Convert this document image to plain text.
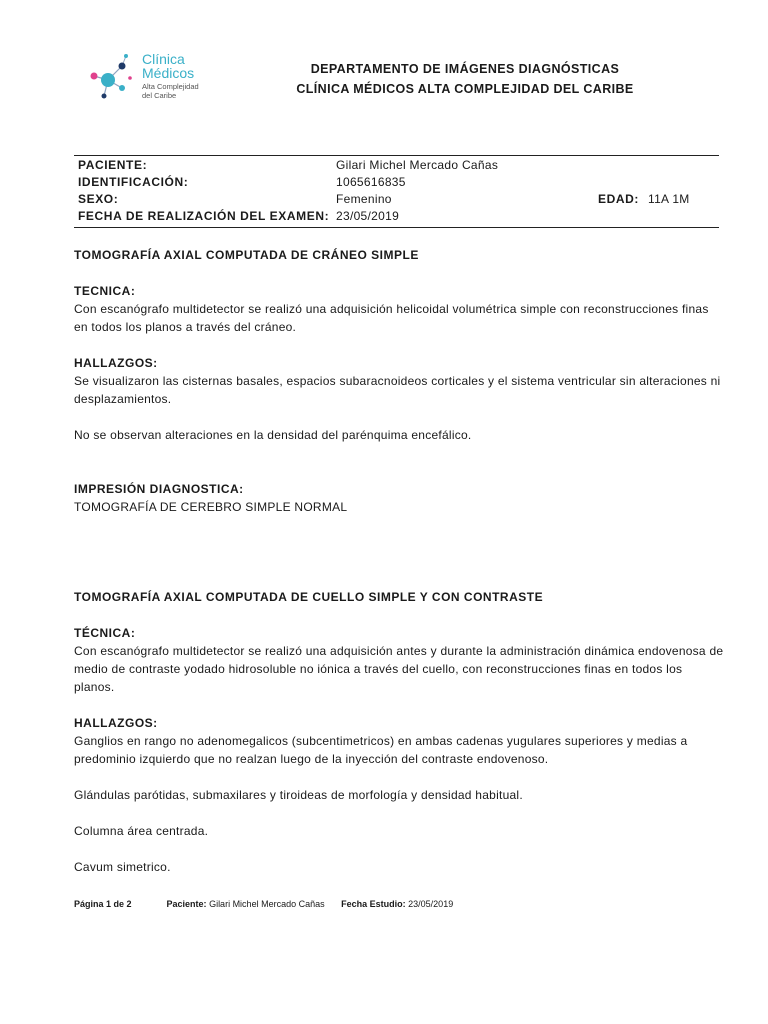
Clínica
Médicos
Alta Complejidad
del Caribe
DEPARTAMENTO DE IMÁGENES DIAGNÓSTICAS
CLÍNICA MÉDICOS ALTA COMPLEJIDAD DEL CARIBE
PACIENTE:	Gilari Michel Mercado Cañas
IDENTIFICACIÓN:	1065616835
SEXO:	Femenino	EDAD: 11A 1M
FECHA DE REALIZACIÓN DEL EXAMEN: 23/05/2019

TOMOGRAFÍA AXIAL COMPUTADA DE CRÁNEO SIMPLE

TECNICA:

Con escanógrafo multidetector se realizó una adquisición helicoidal volumétrica simple con reconstrucciones finas en todos los planos a través del cráneo.

HALLAZGOS:

Se visualizaron las cisternas basales, espacios subaracnoideos corticales y el sistema ventricular sin alteraciones ni desplazamientos.

No se observan alteraciones en la densidad del parénquima encefálico.

IMPRESIÓN DIAGNOSTICA:

TOMOGRAFÍA DE CEREBRO SIMPLE NORMAL

TOMOGRAFÍA AXIAL COMPUTADA DE CUELLO SIMPLE Y CON CONTRASTE

TÉCNICA:

Con escanógrafo multidetector se realizó una adquisición antes y durante la administración dinámica endovenosa de medio de contraste yodado hidrosoluble no iónica a través del cuello, con reconstrucciones finas en todos los planos.

HALLAZGOS:

Ganglios en rango no adenomegalicos (subcentimetricos) en ambas cadenas yugulares superiores y medias a predominio izquierdo que no realzan luego de la inyección del contraste endovenoso.

Glándulas parótidas, submaxilares y tiroideas de morfología y densidad habitual.

Columna área centrada.

Cavum simetrico.

Página 1 de 2	Paciente: Gilari Michel Mercado Cañas Fecha Estudio: 23/05/2019
